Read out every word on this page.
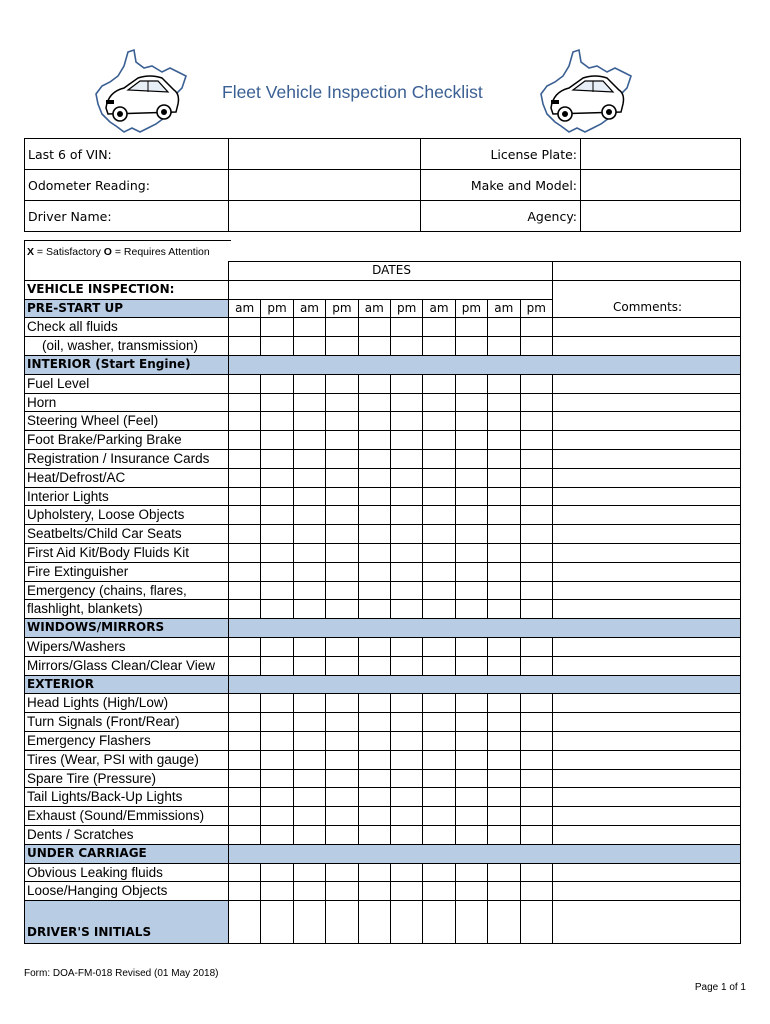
Fleet Vehicle Inspection Checklist
Last 6 of VIN:		License Plate:	
Odometer Reading:		Make and Model:	
Driver Name:		Agency:	
X = Satisfactory O = Requires Attention
	DATES										
VEHICLE INSPECTION:											
PRE-START UP	am	pm	am	pm	am	pm	am	pm	am	pm	Comments:
Check all fluids											
(oil, washer, transmission)											
INTERIOR (Start Engine)											
Fuel Level											
Horn											
Steering Wheel (Feel)											
Foot Brake/Parking Brake											
Registration / Insurance Cards											
Heat/Defrost/AC											
Interior Lights											
Upholstery, Loose Objects											
Seatbelts/Child Car Seats											
First Aid Kit/Body Fluids Kit											
Fire Extinguisher											
Emergency (chains, flares,											
flashlight, blankets)											
WINDOWS/MIRRORS											
Wipers/Washers											
Mirrors/Glass Clean/Clear View											
EXTERIOR											
Head Lights (High/Low)											
Turn Signals (Front/Rear)											
Emergency Flashers											
Tires (Wear, PSI with gauge)											
Spare Tire (Pressure)											
Tail Lights/Back-Up Lights											
Exhaust (Sound/Emmissions)											
Dents / Scratches											
UNDER CARRIAGE											
Obvious Leaking fluids											
Loose/Hanging Objects											
DRIVER'S INITIALS											
Form: DOA-FM-018 Revised (01 May 2018)
Page 1 of 1
